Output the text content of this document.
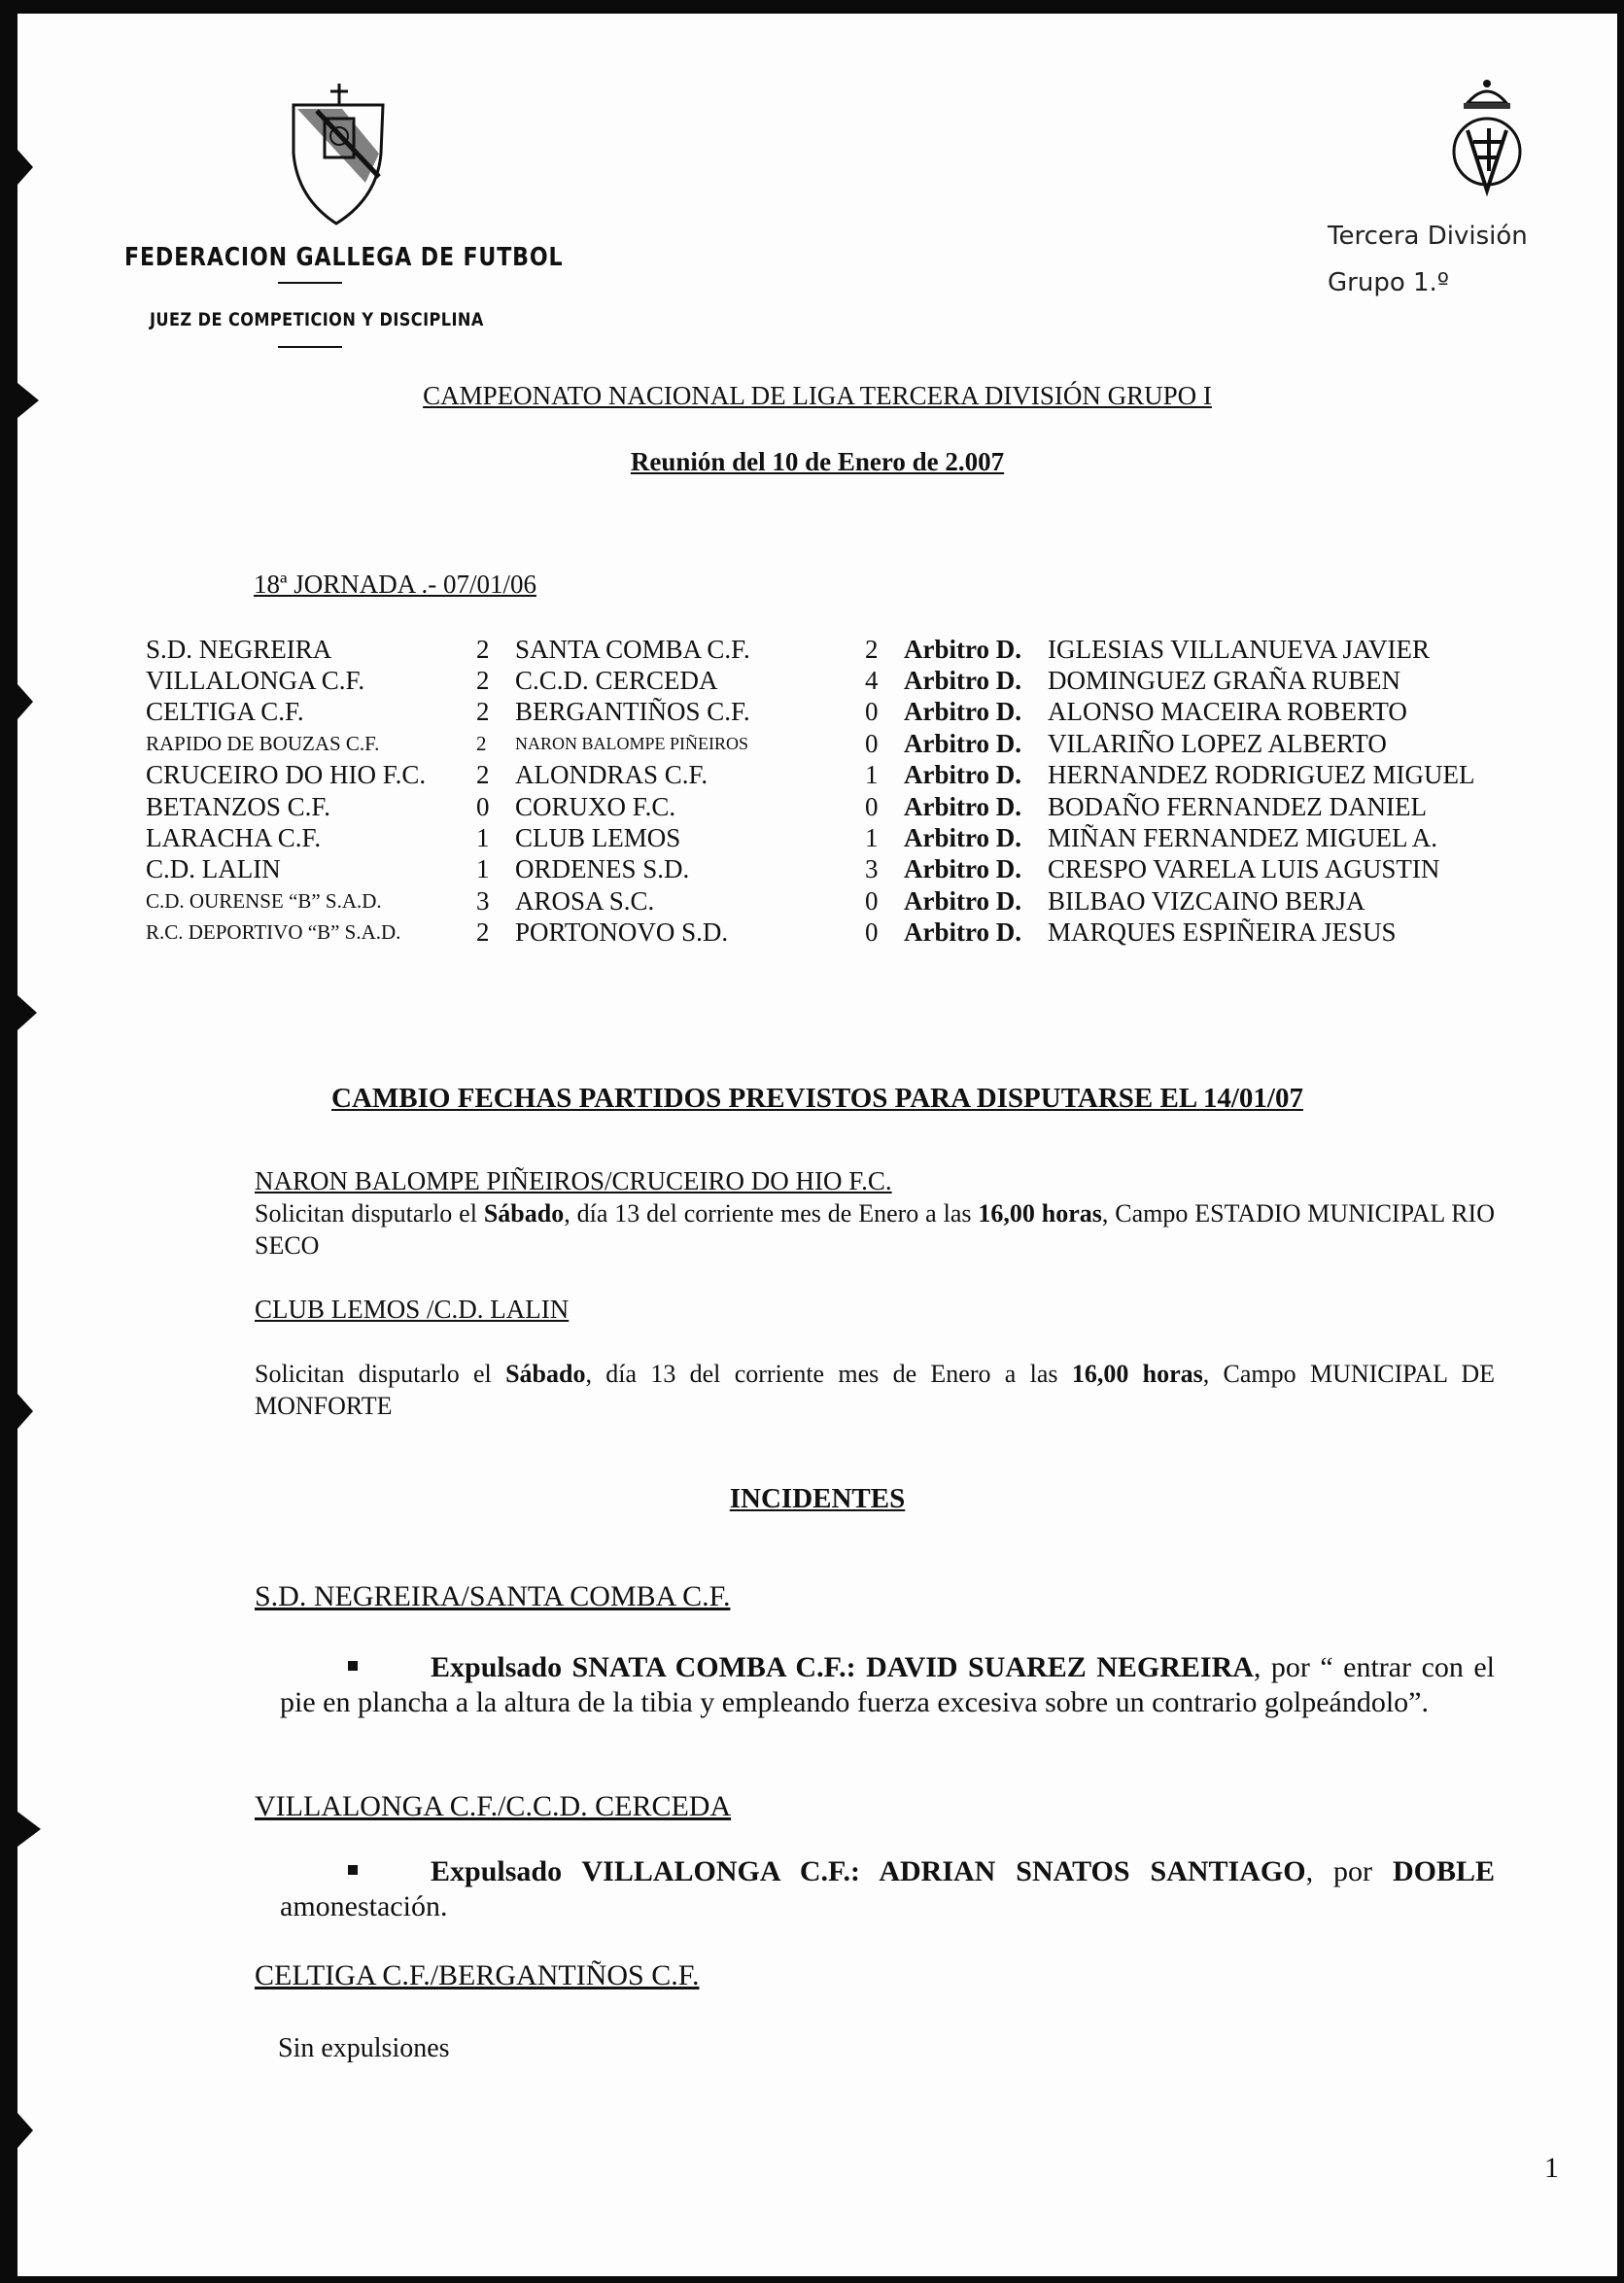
FEDERACION GALLEGA DE FUTBOL
JUEZ DE COMPETICION Y DISCIPLINA
Tercera División
Grupo 1.º
CAMPEONATO NACIONAL DE LIGA TERCERA DIVISIÓN GRUPO I
Reunión del 10 de Enero de 2.007
18ª JORNADA .- 07/01/06
S.D. NEGREIRA	2	SANTA COMBA C.F.	2	Arbitro D.	IGLESIAS VILLANUEVA JAVIER
VILLALONGA C.F.	2	C.C.D. CERCEDA	4	Arbitro D.	DOMINGUEZ GRAÑA RUBEN
CELTIGA C.F.	2	BERGANTIÑOS C.F.	0	Arbitro D.	ALONSO MACEIRA ROBERTO
RAPIDO DE BOUZAS C.F.	2	NARON BALOMPE PIÑEIROS	0	Arbitro D.	VILARIÑO LOPEZ ALBERTO
CRUCEIRO DO HIO F.C.	2	ALONDRAS C.F.	1	Arbitro D.	HERNANDEZ RODRIGUEZ MIGUEL
BETANZOS C.F.	0	CORUXO F.C.	0	Arbitro D.	BODAÑO FERNANDEZ DANIEL
LARACHA C.F.	1	CLUB LEMOS	1	Arbitro D.	MIÑAN FERNANDEZ MIGUEL A.
C.D. LALIN	1	ORDENES S.D.	3	Arbitro D.	CRESPO VARELA LUIS AGUSTIN
C.D. OURENSE “B” S.A.D.	3	AROSA S.C.	0	Arbitro D.	BILBAO VIZCAINO BERJA
R.C. DEPORTIVO “B” S.A.D.	2	PORTONOVO S.D.	0	Arbitro D.	MARQUES ESPIÑEIRA JESUS
CAMBIO FECHAS PARTIDOS PREVISTOS PARA DISPUTARSE EL 14/01/07
NARON BALOMPE PIÑEIROS/CRUCEIRO DO HIO F.C.
Solicitan disputarlo el Sábado, día 13 del corriente mes de Enero a las 16,00 horas, Campo ESTADIO MUNICIPAL RIO SECO
CLUB LEMOS /C.D. LALIN
Solicitan disputarlo el Sábado, día 13 del corriente mes de Enero a las 16,00 horas, Campo MUNICIPAL DE MONFORTE
INCIDENTES
S.D. NEGREIRA/SANTA COMBA C.F.
Expulsado SNATA COMBA C.F.: DAVID SUAREZ NEGREIRA, por “ entrar con el pie en plancha a la altura de la tibia y empleando fuerza excesiva sobre un contrario golpeándolo”.
VILLALONGA C.F./C.C.D. CERCEDA
Expulsado VILLALONGA C.F.: ADRIAN SNATOS SANTIAGO, por DOBLE amonestación.
CELTIGA C.F./BERGANTIÑOS C.F.
Sin expulsiones
1
